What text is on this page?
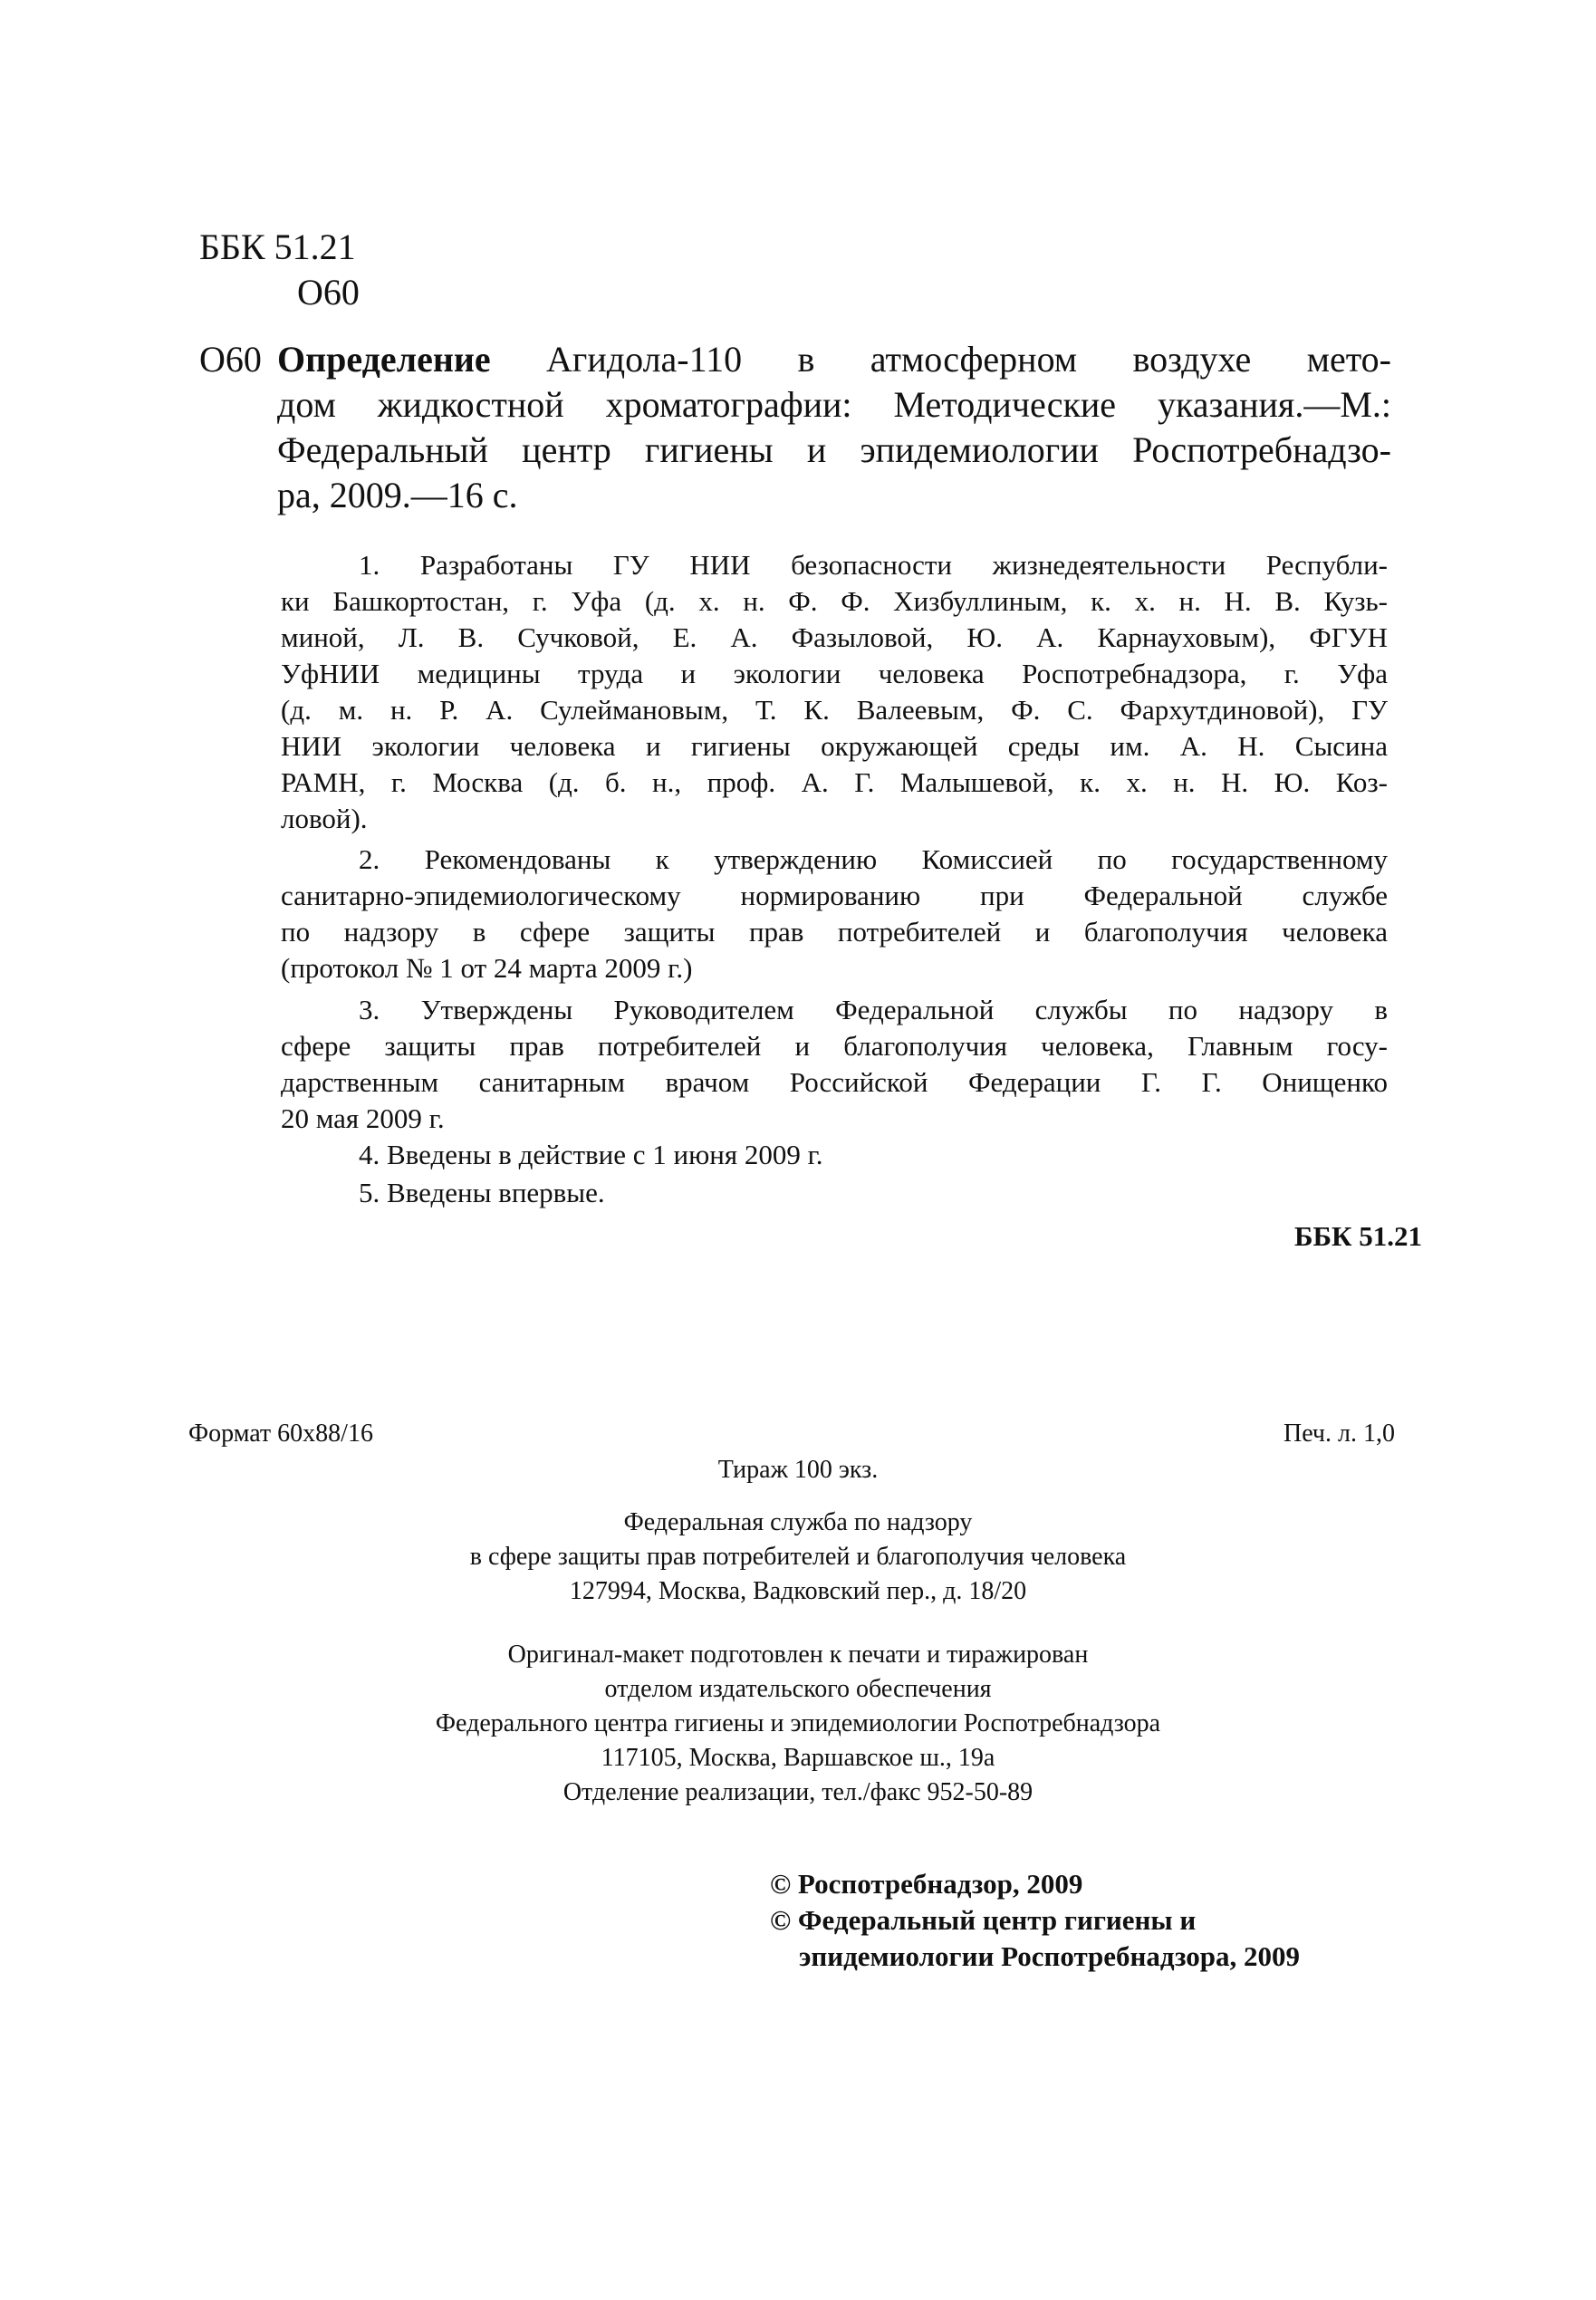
ББК 51.21
О60
О60 Определение Агидола-110 в атмосферном воздухе мето-
дом жидкостной хроматографии: Методические указания.—М.:
Федеральный центр гигиены и эпидемиологии Роспотребнадзо-
ра, 2009.—16 с.
1. Разработаны ГУ НИИ безопасности жизнедеятельности Республи-
ки Башкортостан, г. Уфа (д. х. н. Ф. Ф. Хизбуллиным, к. х. н. Н. В. Кузь-
миной, Л. В. Сучковой, Е. А. Фазыловой, Ю. А. Карнауховым), ФГУН
УфНИИ медицины труда и экологии человека Роспотребнадзора, г. Уфа
(д. м. н. Р. А. Сулеймановым, Т. К. Валеевым, Ф. С. Фархутдиновой), ГУ
НИИ экологии человека и гигиены окружающей среды им. А. Н. Сысина
РАМН, г. Москва (д. б. н., проф. А. Г. Малышевой, к. х. н. Н. Ю. Коз-
ловой).
2. Рекомендованы к утверждению Комиссией по государственному
санитарно-эпидемиологическому нормированию при Федеральной службе
по надзору в сфере защиты прав потребителей и благополучия человека
(протокол № 1 от 24 марта 2009 г.)
3. Утверждены Руководителем Федеральной службы по надзору в
сфере защиты прав потребителей и благополучия человека, Главным госу-
дарственным санитарным врачом Российской Федерации Г. Г. Онищенко
20 мая 2009 г.
4. Введены в действие с 1 июня 2009 г.
5. Введены впервые.
ББК 51.21
Формат 60x88/16	Печ. л. 1,0
Тираж 100 экз.
Федеральная служба по надзору
в сфере защиты прав потребителей и благополучия человека
127994, Москва, Вадковский пер., д. 18/20
Оригинал-макет подготовлен к печати и тиражирован
отделом издательского обеспечения
Федерального центра гигиены и эпидемиологии Роспотребнадзора
117105, Москва, Варшавское ш., 19а
Отделение реализации, тел./факс 952-50-89
© Роспотребнадзор, 2009
© Федеральный центр гигиены и
эпидемиологии Роспотребнадзора, 2009
